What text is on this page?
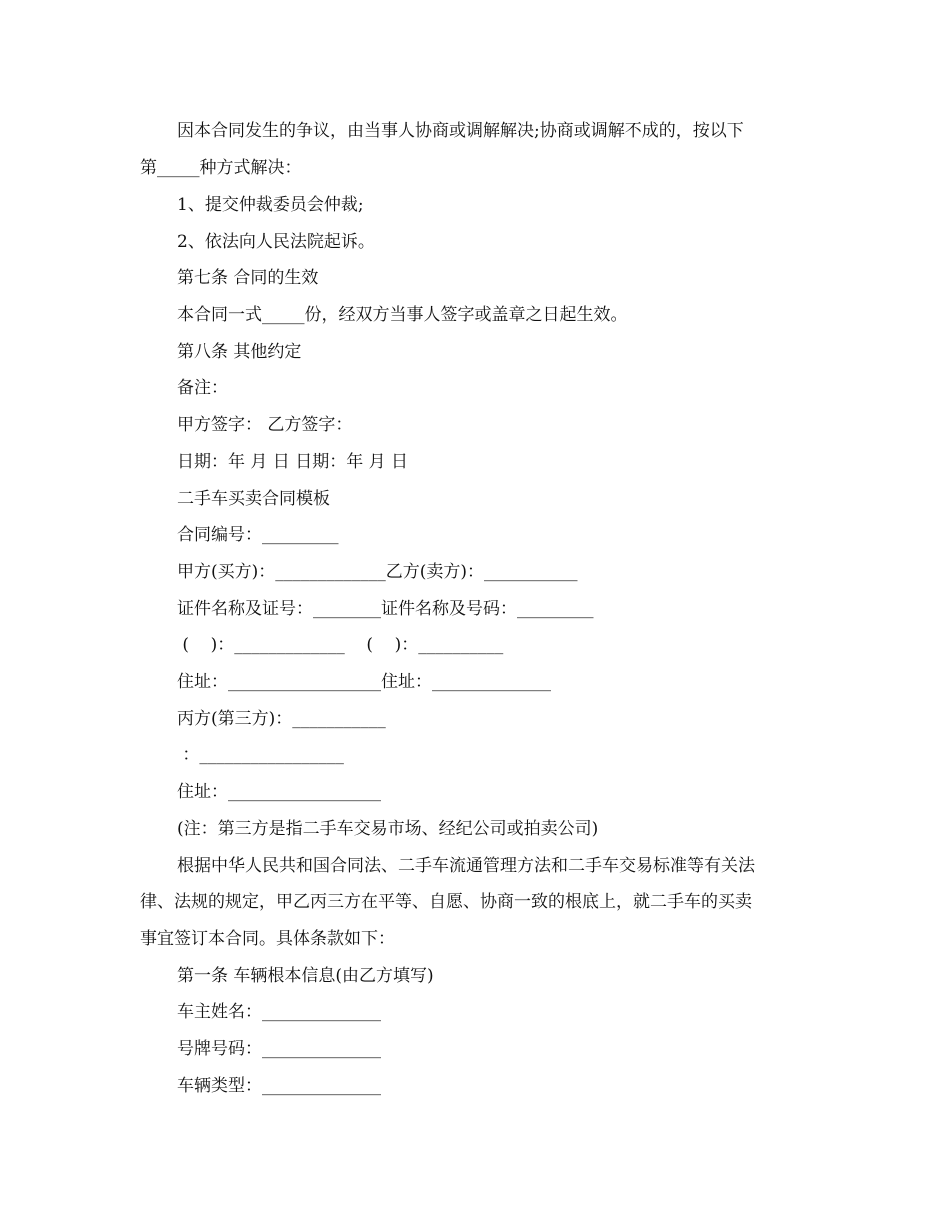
因本合同发生的争议，由当事人协商或调解解决;协商或调解不成的，按以下
第_____种方式解决：
1、提交仲裁委员会仲裁;
2、依法向人民法院起诉。
第七条 合同的生效
本合同一式_____份，经双方当事人签字或盖章之日起生效。
第八条 其他约定
备注：
甲方签字： 乙方签字：
日期：年 月 日 日期：年 月 日
二手车买卖合同模板
合同编号：_________
甲方(买方)：_____________乙方(卖方)：___________
证件名称及证号：________证件名称及号码：_________
(    )：_____________    (    )：__________
住址：__________________住址：______________
丙方(第三方)：___________
：_________________
住址：__________________
(注：第三方是指二手车交易市场、经纪公司或拍卖公司)
根据中华人民共和国合同法、二手车流通管理方法和二手车交易标准等有关法
律、法规的规定，甲乙丙三方在平等、自愿、协商一致的根底上，就二手车的买卖
事宜签订本合同。具体条款如下：
第一条 车辆根本信息(由乙方填写)
车主姓名：______________
号牌号码：______________
车辆类型：______________
